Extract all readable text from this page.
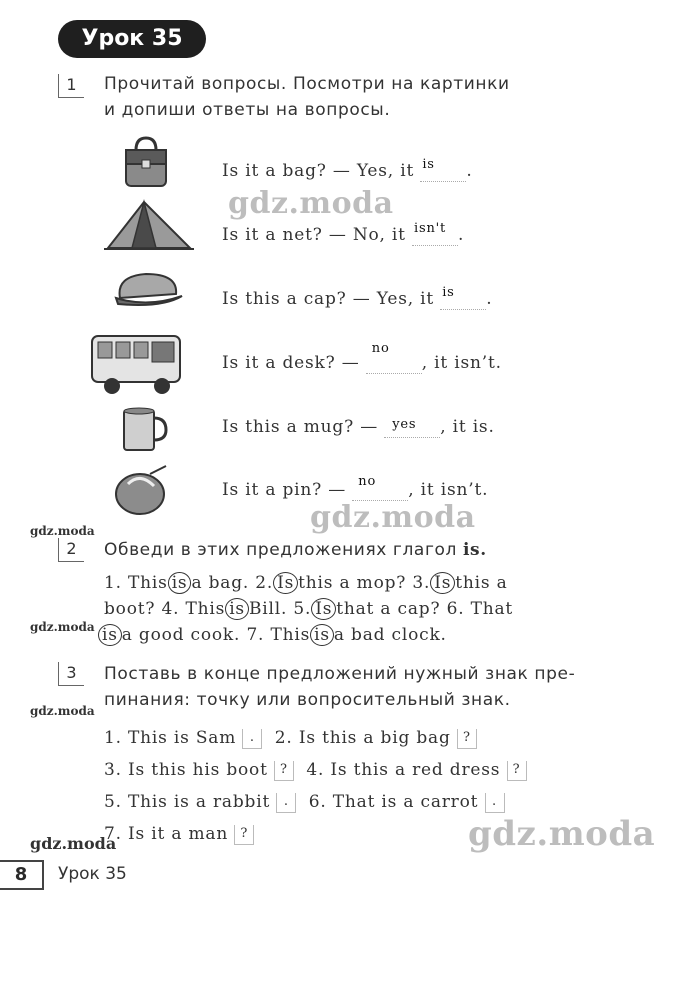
Урок 35
1	Прочитай вопросы. Посмотри на картинки
и допиши ответы на вопросы.
Is it a bag? — Yes, it is .
Is it a net? — No, it isn't .
Is this a cap? — Yes, it is .
Is it a desk? —
no
, it isn’t.
Is this a mug? — yes , it is.
Is it a pin? — no , it isn’t.
2	Обведи в этих предложениях глагол is.
1. This is a bag. 2. Is this a mop? 3. Is this a
boot? 4. This is Bill. 5. Is that a cap? 6. That
is a good cook. 7. This is a bad clock.
3	Поставь в конце предложений нужный знак пре-
пинания: точку или вопросительный знак.
1. This is Sam . 2. Is this a big bag ?
3. Is this his boot ? 4. Is this a red dress ?
5. This is a rabbit . 6. That is a carrot .
7. Is it a man ?
gdz.moda
gdz.moda
gdz.moda
gdz.moda
gdz.moda
gdz.moda
gdz.moda
8	Урок 35
